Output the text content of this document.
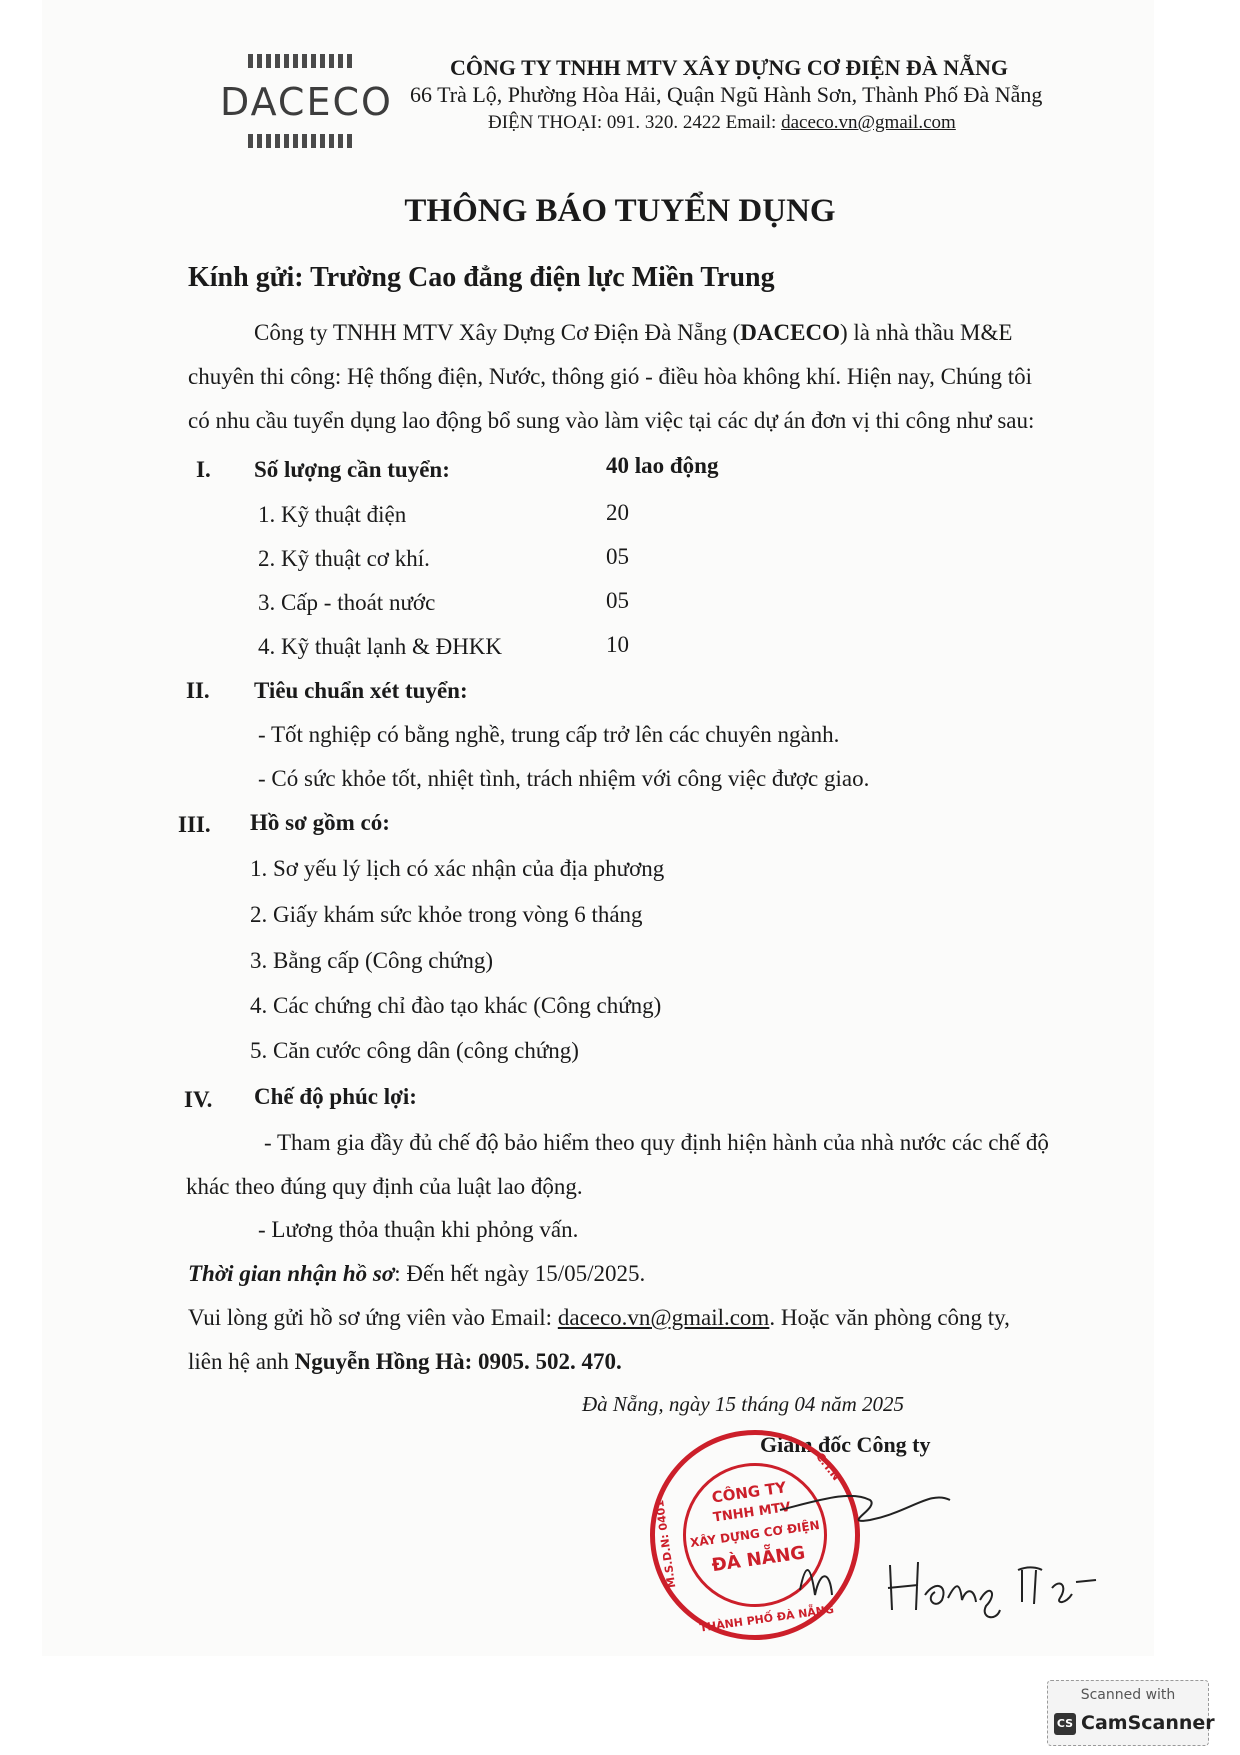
DACECO
CÔNG TY TNHH MTV XÂY DỰNG CƠ ĐIỆN ĐÀ NẴNG
66 Trà Lộ, Phường Hòa Hải, Quận Ngũ Hành Sơn, Thành Phố Đà Nẵng
ĐIỆN THOẠI: 091. 320. 2422 Email: daceco.vn@gmail.com
THÔNG BÁO TUYỂN DỤNG
Kính gửi: Trường Cao đẳng điện lực Miền Trung
Công ty TNHH MTV Xây Dựng Cơ Điện Đà Nẵng (DACECO) là nhà thầu M&E
chuyên thi công: Hệ thống điện, Nước, thông gió - điều hòa không khí. Hiện nay, Chúng tôi
có nhu cầu tuyển dụng lao động bổ sung vào làm việc tại các dự án đơn vị thi công như sau:
I. Số lượng cần tuyển:	40 lao động
1. Kỹ thuật điện	20
2. Kỹ thuật cơ khí.	05
3. Cấp - thoát nước	05
4. Kỹ thuật lạnh & ĐHKK	10
II. Tiêu chuẩn xét tuyển:
- Tốt nghiệp có bằng nghề, trung cấp trở lên các chuyên ngành.
- Có sức khỏe tốt, nhiệt tình, trách nhiệm với công việc được giao.
III. Hồ sơ gồm có:
1. Sơ yếu lý lịch có xác nhận của địa phương
2. Giấy khám sức khỏe trong vòng 6 tháng
3. Bằng cấp (Công chứng)
4. Các chứng chỉ đào tạo khác (Công chứng)
5. Căn cước công dân (công chứng)
IV. Chế độ phúc lợi:
- Tham gia đầy đủ chế độ bảo hiểm theo quy định hiện hành của nhà nước các chế độ
khác theo đúng quy định của luật lao động.
- Lương thỏa thuận khi phỏng vấn.
Thời gian nhận hồ sơ: Đến hết ngày 15/05/2025.
Vui lòng gửi hồ sơ ứng viên vào Email: daceco.vn@gmail.com. Hoặc văn phòng công ty,
liên hệ anh Nguyễn Hồng Hà: 0905. 502. 470.
Đà Nẵng, ngày 15 tháng 04 năm 2025
Giám đốc Công ty
CÔNG TY
TNHH MTV
XÂY DỰNG CƠ ĐIỆN
ĐÀ NẴNG
THÀNH PHỐ ĐÀ NẴNG
M.S.D.N: 0401
C.T.N
Scanned with
CS CamScanner
